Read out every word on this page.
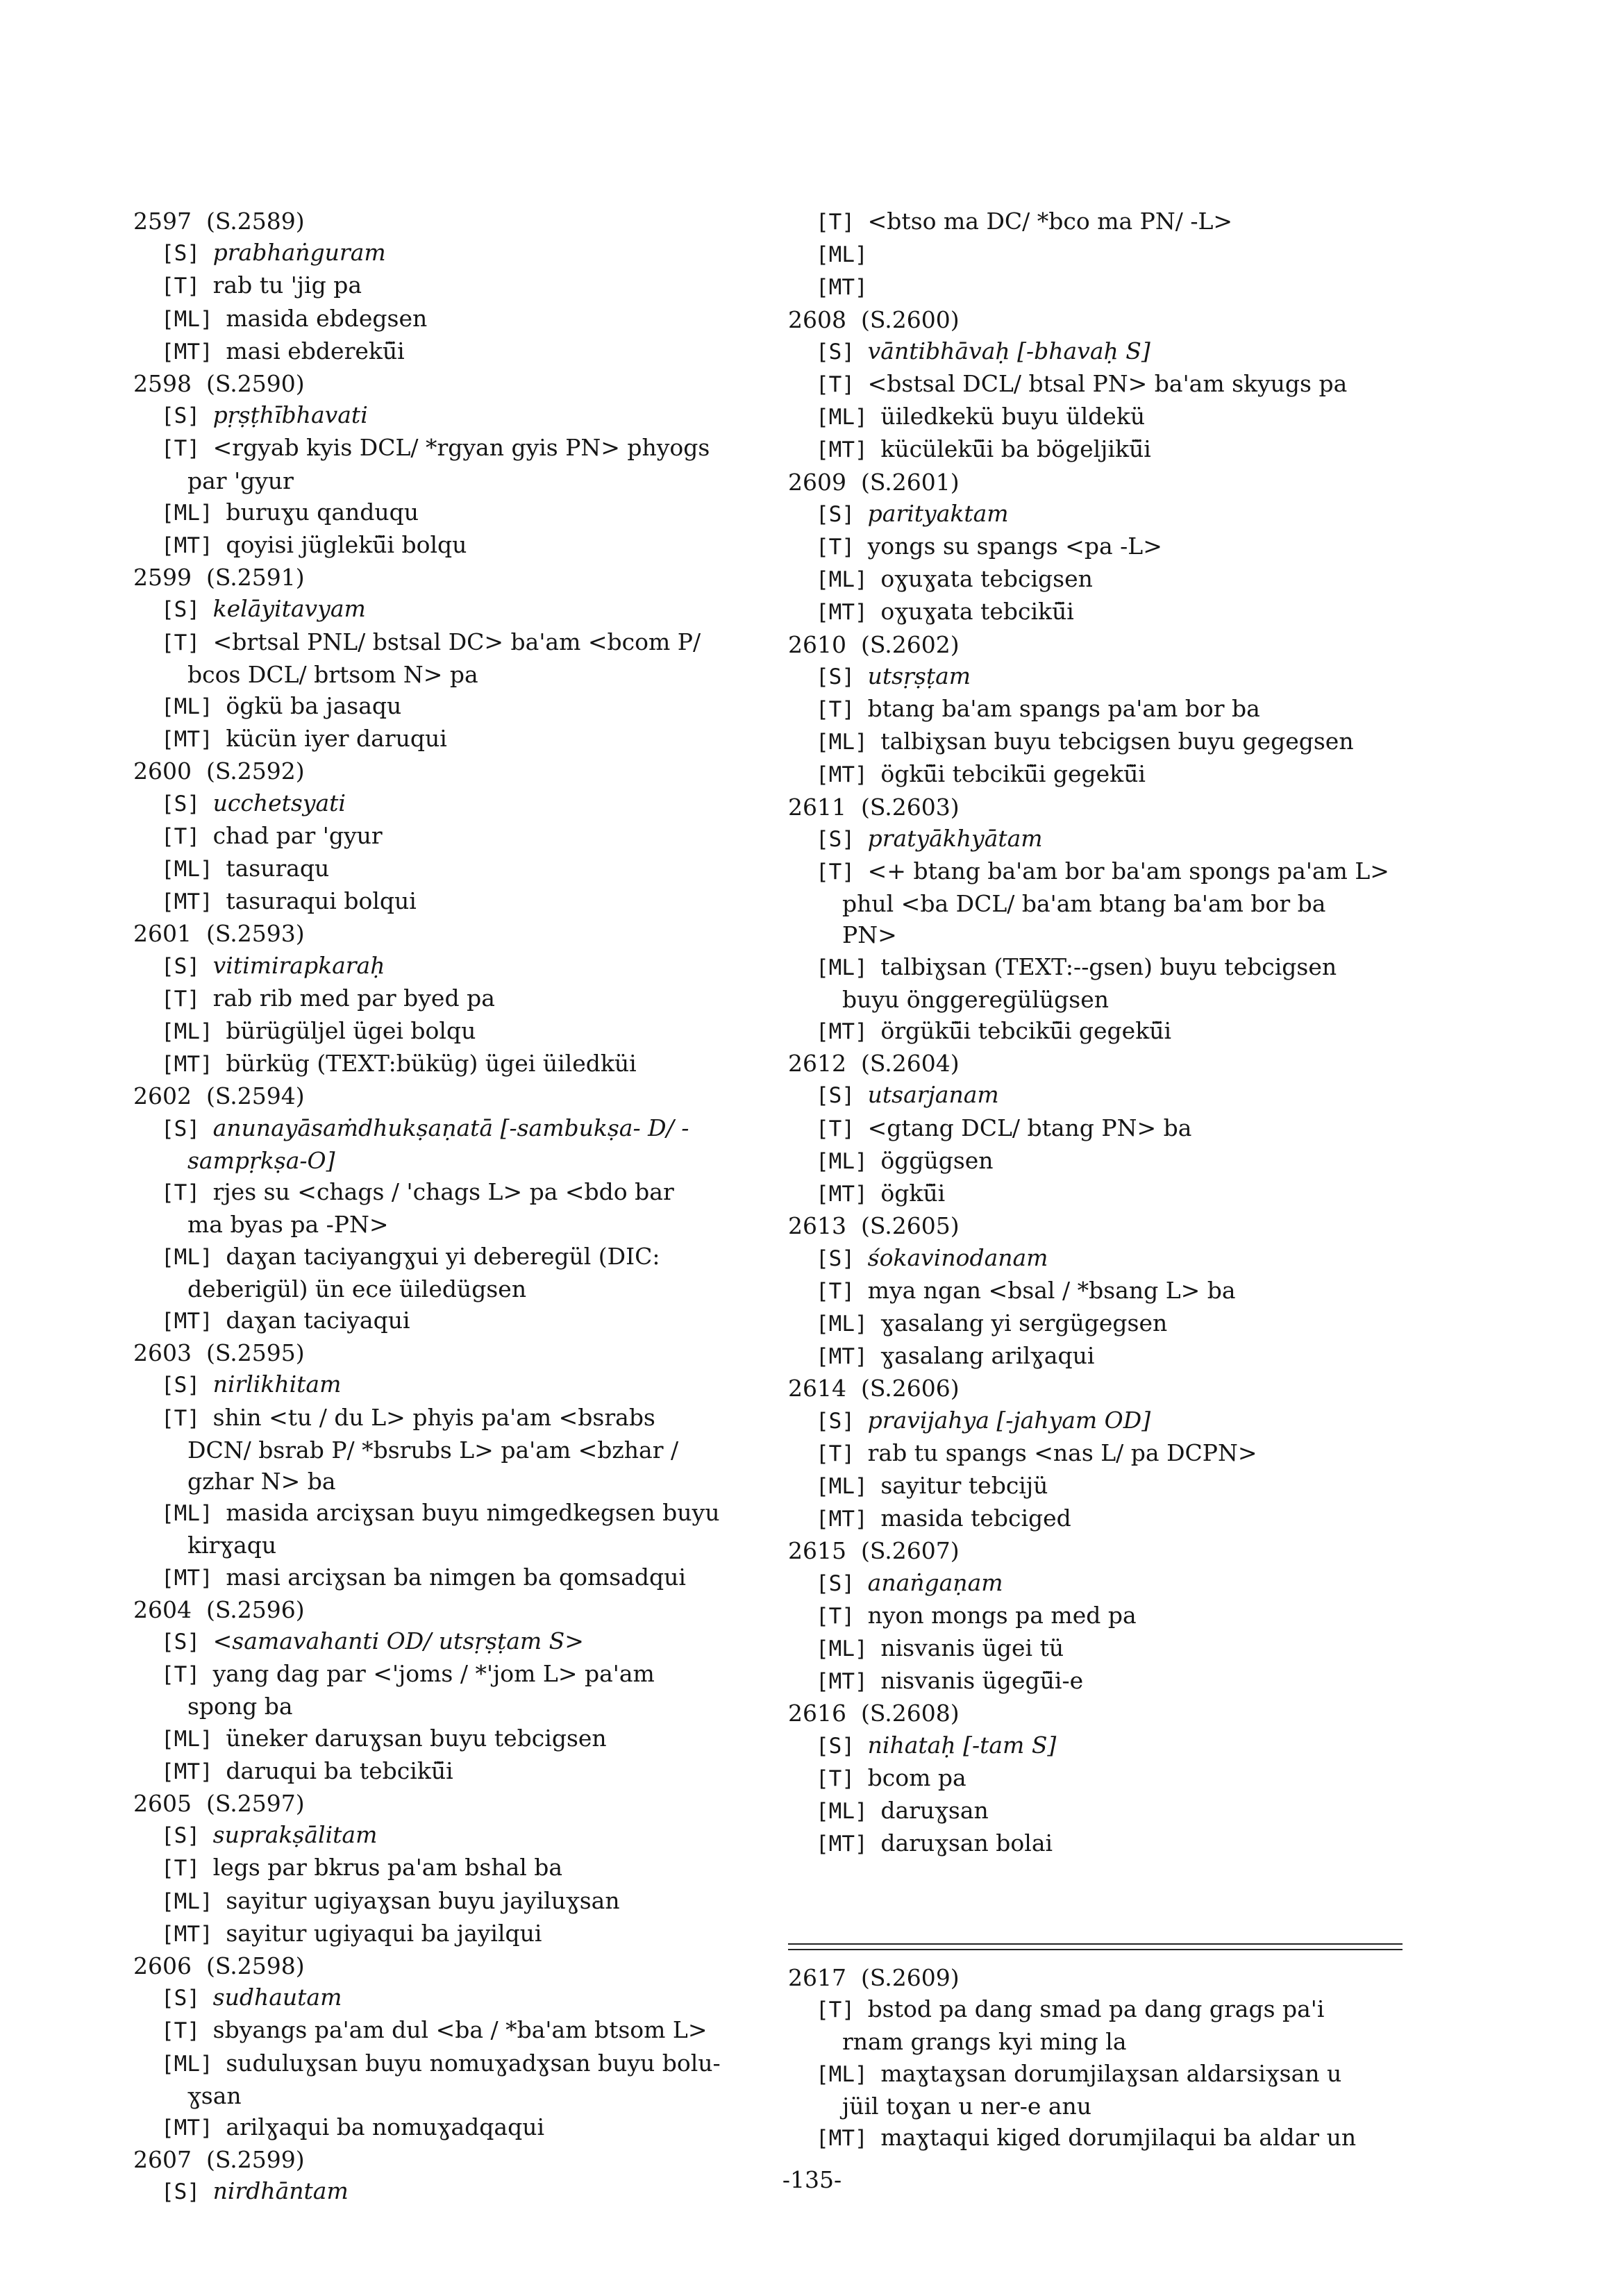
2597  (S.2589)
[S] prabhaṅguram
[T] rab tu 'jig pa
[ML] masida ebdegsen
[MT] masi ebderekü̈i
2598  (S.2590)
[S] pṛṣṭhībhavati
[T] <rgyab kyis DCL/ *rgyan gyis PN> phyogs
par 'gyur
[ML] buruɣu qanduqu
[MT] qoyisi jüglekü̈i bolqu
2599  (S.2591)
[S] kelāyitavyam
[T] <brtsal PNL/ bstsal DC> ba'am <bcom P/
bcos DCL/ brtsom N> pa
[ML] ögkü ba jasaqu
[MT] kücün iyer daruqui
2600  (S.2592)
[S] ucchetsyati
[T] chad par 'gyur
[ML] tasuraqu
[MT] tasuraqui bolqui
2601  (S.2593)
[S] vitimirapkaraḥ
[T] rab rib med par byed pa
[ML] bürügüljel ügei bolqu
[MT] bürküg (TEXT:büküg) ügei üiledküi
2602  (S.2594)
[S] anunayāsaṁdhukṣaṇatā [-sambukṣa- D/ -
sampṛkṣa-O]
[T] rjes su <chags / 'chags L> pa <bdo bar
ma byas pa -PN>
[ML] daɣan taciyangɣui yi deberegül (DIC:
deberigül) ün ece üiledügsen
[MT] daɣan taciyaqui
2603  (S.2595)
[S] nirlikhitam
[T] shin <tu / du L> phyis pa'am <bsrabs
DCN/ bsrab P/ *bsrubs L> pa'am <bzhar /
gzhar N> ba
[ML] masida arciɣsan buyu nimgedkegsen buyu
kirɣaqu
[MT] masi arciɣsan ba nimgen ba qomsadqui
2604  (S.2596)
[S] <samavahanti OD/ utsṛṣṭam S>
[T] yang dag par <'joms / *'jom L> pa'am
spong ba
[ML] üneker daruɣsan buyu tebcigsen
[MT] daruqui ba tebcikü̈i
2605  (S.2597)
[S] suprakṣālitam
[T] legs par bkrus pa'am bshal ba
[ML] sayitur ugiyaɣsan buyu jayiluɣsan
[MT] sayitur ugiyaqui ba jayilqui
2606  (S.2598)
[S] sudhautam
[T] sbyangs pa'am dul <ba / *ba'am btsom L>
[ML] suduluɣsan buyu nomuɣadɣsan buyu bolu-
ɣsan
[MT] arilɣaqui ba nomuɣadqaqui
2607  (S.2599)
[S] nirdhāntam
[T] <btso ma DC/ *bco ma PN/ -L>
[ML]
[MT]
2608  (S.2600)
[S] vāntibhāvaḥ [-bhavaḥ S]
[T] <bstsal DCL/ btsal PN> ba'am skyugs pa
[ML] üiledkekü buyu üldekü
[MT] kücülekü̈i ba bögeljikü̈i
2609  (S.2601)
[S] parityaktam
[T] yongs su spangs <pa -L>
[ML] oɣuɣata tebcigsen
[MT] oɣuɣata tebcikü̈i
2610  (S.2602)
[S] utsṛṣṭam
[T] btang ba'am spangs pa'am bor ba
[ML] talbiɣsan buyu tebcigsen buyu gegegsen
[MT] ögkü̈i tebcikü̈i gegekü̈i
2611  (S.2603)
[S] pratyākhyātam
[T] <+ btang ba'am bor ba'am spongs pa'am L>
phul <ba DCL/ ba'am btang ba'am bor ba
PN>
[ML] talbiɣsan (TEXT:--gsen) buyu tebcigsen
buyu önggeregülügsen
[MT] örgükü̈i tebcikü̈i gegekü̈i
2612  (S.2604)
[S] utsarjanam
[T] <gtang DCL/ btang PN> ba
[ML] öggügsen
[MT] ögkü̈i
2613  (S.2605)
[S] śokavinodanam
[T] mya ngan <bsal / *bsang L> ba
[ML] ɣasalang yi sergügegsen
[MT] ɣasalang arilɣaqui
2614  (S.2606)
[S] pravijahya [-jahyam OD]
[T] rab tu spangs <nas L/ pa DCPN>
[ML] sayitur tebcijü
[MT] masida tebciged
2615  (S.2607)
[S] anaṅgaṇam
[T] nyon mongs pa med pa
[ML] nisvanis ügei tü
[MT] nisvanis ügegü̈i-e
2616  (S.2608)
[S] nihataḥ [-tam S]
[T] bcom pa
[ML] daruɣsan
[MT] daruɣsan bolai
2617  (S.2609)
[T] bstod pa dang smad pa dang grags pa'i
rnam grangs kyi ming la
[ML] maɣtaɣsan dorumjilaɣsan aldarsiɣsan u
jüil toɣan u ner-e anu
[MT] maɣtaqui kiged dorumjilaqui ba aldar un
-135-
